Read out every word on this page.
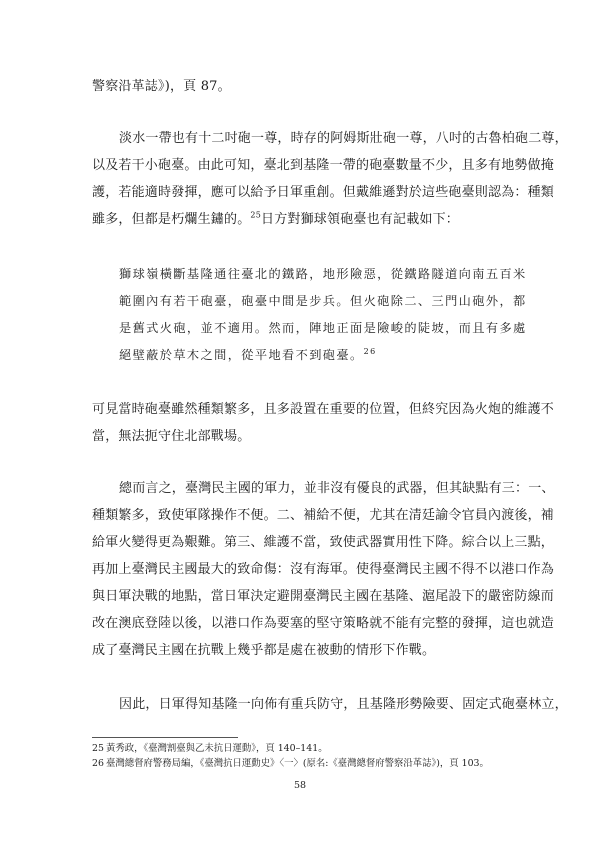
警察沿革誌》)，頁 87。
淡水一帶也有十二吋砲一尊，時存的阿姆斯壯砲一尊，八吋的古魯柏砲二尊，
以及若干小砲臺。由此可知，臺北到基隆一帶的砲臺數量不少，且多有地勢做掩
護，若能適時發揮，應可以給予日軍重創。但戴維遜對於這些砲臺則認為：種類
雖多，但都是朽爛生鏽的。$^{25}$日方對獅球領砲臺也有記載如下：
獅球嶺橫斷基隆通往臺北的鐵路，地形險惡，從鐵路隧道向南五百米
範圍內有若干砲臺，砲臺中間是步兵。但火砲除二、三門山砲外，都
是舊式火砲，並不適用。然而，陣地正面是險峻的陡坡，而且有多處
絕壁蔽於草木之間，從平地看不到砲臺。$^{26}$
可見當時砲臺雖然種類繁多，且多設置在重要的位置，但終究因為火炮的維護不
當，無法扼守住北部戰場。
總而言之，臺灣民主國的軍力，並非沒有優良的武器，但其缺點有三：一、
種類繁多，致使軍隊操作不便。二、補給不便，尤其在清廷諭令官員內渡後，補
給軍火變得更為艱難。第三、維護不當，致使武器實用性下降。綜合以上三點，
再加上臺灣民主國最大的致命傷：沒有海軍。使得臺灣民主國不得不以港口作為
與日軍決戰的地點，當日軍決定避開臺灣民主國在基隆、滬尾設下的嚴密防線而
改在澳底登陸以後，以港口作為要塞的堅守策略就不能有完整的發揮，這也就造
成了臺灣民主國在抗戰上幾乎都是處在被動的情形下作戰。
因此，日軍得知基隆一向佈有重兵防守，且基隆形勢險要、固定式砲臺林立，
25 黃秀政，《臺灣割臺與乙未抗日運動》，頁 140–141。
26 臺灣總督府警務局編，《臺灣抗日運動史》〈一〉(原名:《臺灣總督府警察沿革誌》)，頁 103。
58
